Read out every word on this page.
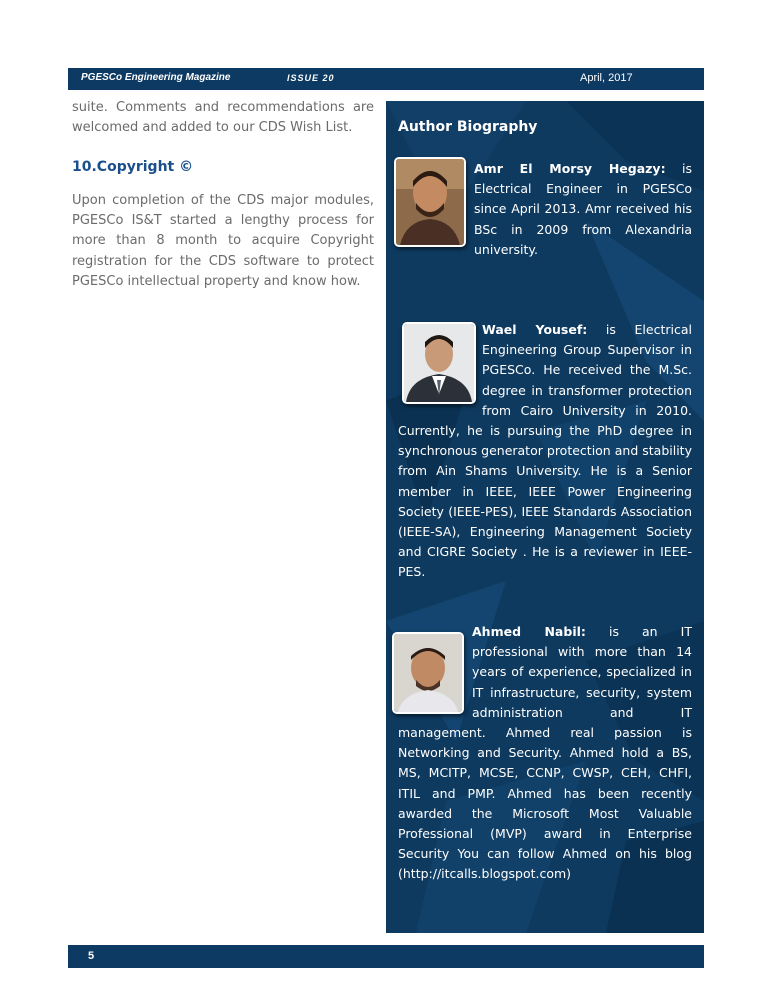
PGESCo Engineering Magazine	ISSUE 20	April, 2017

suite. Comments and recommendations are welcomed and added to our CDS Wish List.

10.Copyright ©

Upon completion of the CDS major modules, PGESCo IS&T started a lengthy process for more than 8 month to acquire Copyright registration for the CDS software to protect PGESCo intellectual property and know how.

Author Biography
Amr El Morsy Hegazy: is Electrical Engineer in PGESCo since April 2013. Amr received his BSc in 2009 from Alexandria university.
Wael Yousef: is Electrical Engineering Group Supervisor in PGESCo. He received the M.Sc. degree in transformer protection from Cairo University in 2010. Currently, he is pursuing the PhD degree in synchronous generator protection and stability from Ain Shams University. He is a Senior member in IEEE, IEEE Power Engineering Society (IEEE-PES), IEEE Standards Association (IEEE-SA), Engineering Management Society and CIGRE Society . He is a reviewer in IEEE-PES.
Ahmed Nabil: is an IT professional with more than 14 years of experience, specialized in IT infrastructure, security, system administration and IT management. Ahmed real passion is Networking and Security. Ahmed hold a BS, MS, MCITP, MCSE, CCNP, CWSP, CEH, CHFI, ITIL and PMP. Ahmed has been recently awarded the Microsoft Most Valuable Professional (MVP) award in Enterprise Security You can follow Ahmed on his blog (http://itcalls.blogspot.com)
5
